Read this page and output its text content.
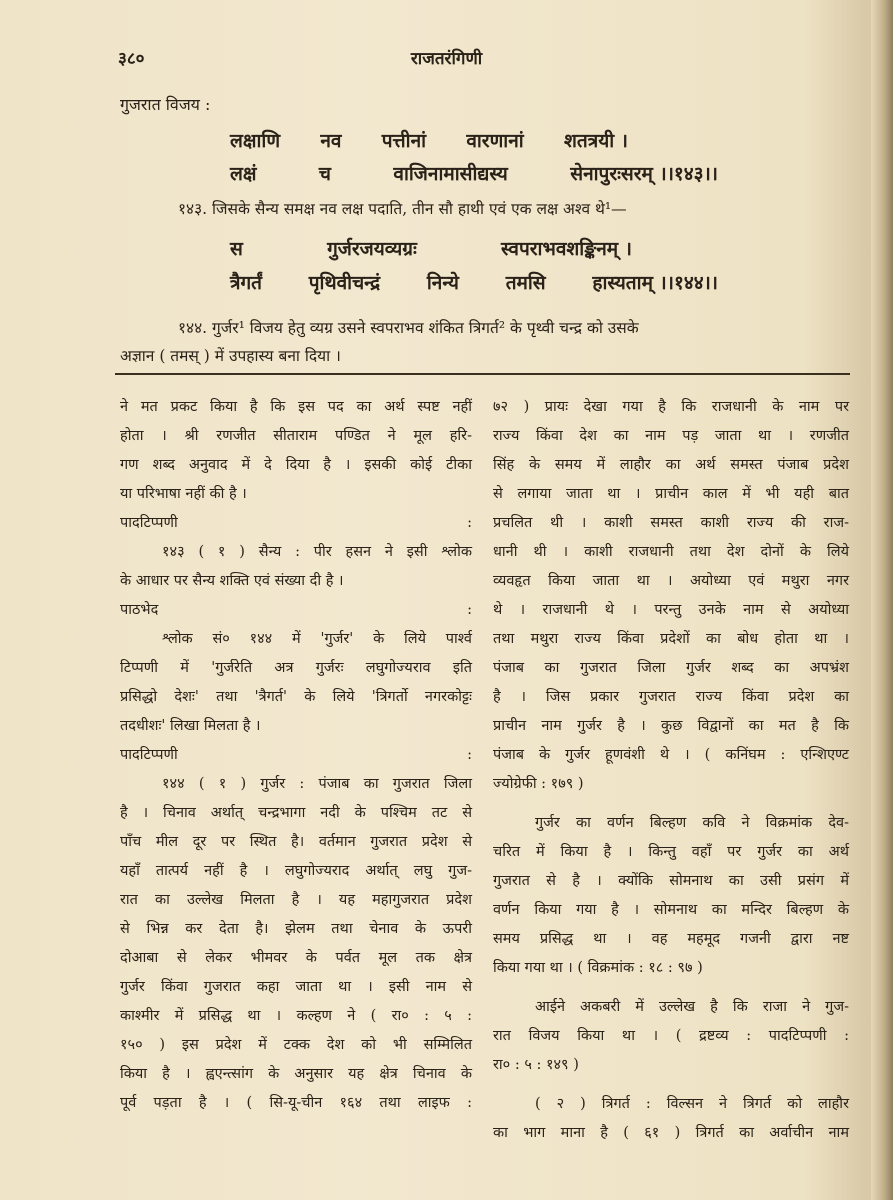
राजतरंगिणी
३८०
गुजरात विजय :
लक्षाणि नव पत्तीनां वारणानां शतत्रयी ।
लक्षं	च	वाजिनामासीद्यस्य	सेनापुरःसरम् ।।१४३।।
१४३. जिसके सैन्य समक्ष नव लक्ष पदाति, तीन सौ हाथी एवं एक लक्ष अश्व थे¹—
स	गुर्जरजयव्यग्रः	स्वपराभवशङ्किनम् ।
त्रैगर्तं पृथिवीचन्द्रं निन्ये तमसि हास्यताम् ।।१४४।।
१४४. गुर्जर¹ विजय हेतु व्यग्र उसने स्वपराभव शंकित त्रिगर्त² के पृथ्वी चन्द्र को उसके
अज्ञान ( तमस् ) में उपहास्य बना दिया ।

ने मत प्रकट किया है कि इस पद का अर्थ स्पष्ट नहीं

होता । श्री रणजीत सीताराम पण्डित ने मूल हरि-

गण शब्द अनुवाद में दे दिया है । इसकी कोई टीका

या परिभाषा नहीं की है ।

पादटिप्पणी :

१४३ ( १ ) सैन्य : पीर हसन ने इसी श्लोक

के आधार पर सैन्य शक्ति एवं संख्या दी है ।

पाठभेद :

श्लोक सं० १४४ में 'गुर्जर' के लिये पार्श्व

टिप्पणी में 'गुर्जरेति अत्र गुर्जरः लघुगोज्यराव इति

प्रसिद्धो देशः' तथा 'त्रैगर्त' के लिये 'त्रिगर्तो नगरकोट्टः

तदधीशः' लिखा मिलता है ।

पादटिप्पणी :

१४४ ( १ ) गुर्जर : पंजाब का गुजरात जिला

है । चिनाव अर्थात् चन्द्रभागा नदी के पश्चिम तट से

पाँच मील दूर पर स्थित है। वर्तमान गुजरात प्रदेश से

यहाँ तात्पर्य नहीं है । लघुगोज्यराद अर्थात् लघु गुज-

रात का उल्लेख मिलता है । यह महागुजरात प्रदेश

से भिन्न कर देता है। झेलम तथा चेनाव के ऊपरी

दोआबा से लेकर भीमवर के पर्वत मूल तक क्षेत्र

गुर्जर किंवा गुजरात कहा जाता था । इसी नाम से

काश्मीर में प्रसिद्ध था । कल्हण ने ( रा० : ५ :

१५० ) इस प्रदेश में टक्क देश को भी सम्मिलित

किया है । ह्वएन्त्सांग के अनुसार यह क्षेत्र चिनाव के

पूर्व पड़ता है । ( सि-यू-चीन १६४ तथा लाइफ :

७२ ) प्रायः देखा गया है कि राजधानी के नाम पर

राज्य किंवा देश का नाम पड़ जाता था । रणजीत

सिंह के समय में लाहौर का अर्थ समस्त पंजाब प्रदेश

से लगाया जाता था । प्राचीन काल में भी यही बात

प्रचलित थी । काशी समस्त काशी राज्य की राज-

धानी थी । काशी राजधानी तथा देश दोनों के लिये

व्यवहृत किया जाता था । अयोध्या एवं मथुरा नगर

थे । राजधानी थे । परन्तु उनके नाम से अयोध्या

तथा मथुरा राज्य किंवा प्रदेशों का बोध होता था ।

पंजाब का गुजरात जिला गुर्जर शब्द का अपभ्रंश

है । जिस प्रकार गुजरात राज्य किंवा प्रदेश का

प्राचीन नाम गुर्जर है । कुछ विद्वानों का मत है कि

पंजाब के गुर्जर हूणवंशी थे । ( कनिंघम : एन्शिएण्ट

ज्योग्रेफी : १७९ )

गुर्जर का वर्णन बिल्हण कवि ने विक्रमांक देव-

चरित में किया है । किन्तु वहाँ पर गुर्जर का अर्थ

गुजरात से है । क्योंकि सोमनाथ का उसी प्रसंग में

वर्णन किया गया है । सोमनाथ का मन्दिर बिल्हण के

समय प्रसिद्ध था । वह महमूद गजनी द्वारा नष्ट

किया गया था । ( विक्रमांक : १८ : ९७ )

आईने अकबरी में उल्लेख है कि राजा ने गुज-

रात विजय किया था । ( द्रष्टव्य : पादटिप्पणी :

रा० : ५ : १४९ )

( २ ) त्रिगर्त : विल्सन ने त्रिगर्त को लाहौर

का भाग माना है ( ६१ ) त्रिगर्त का अर्वाचीन नाम
